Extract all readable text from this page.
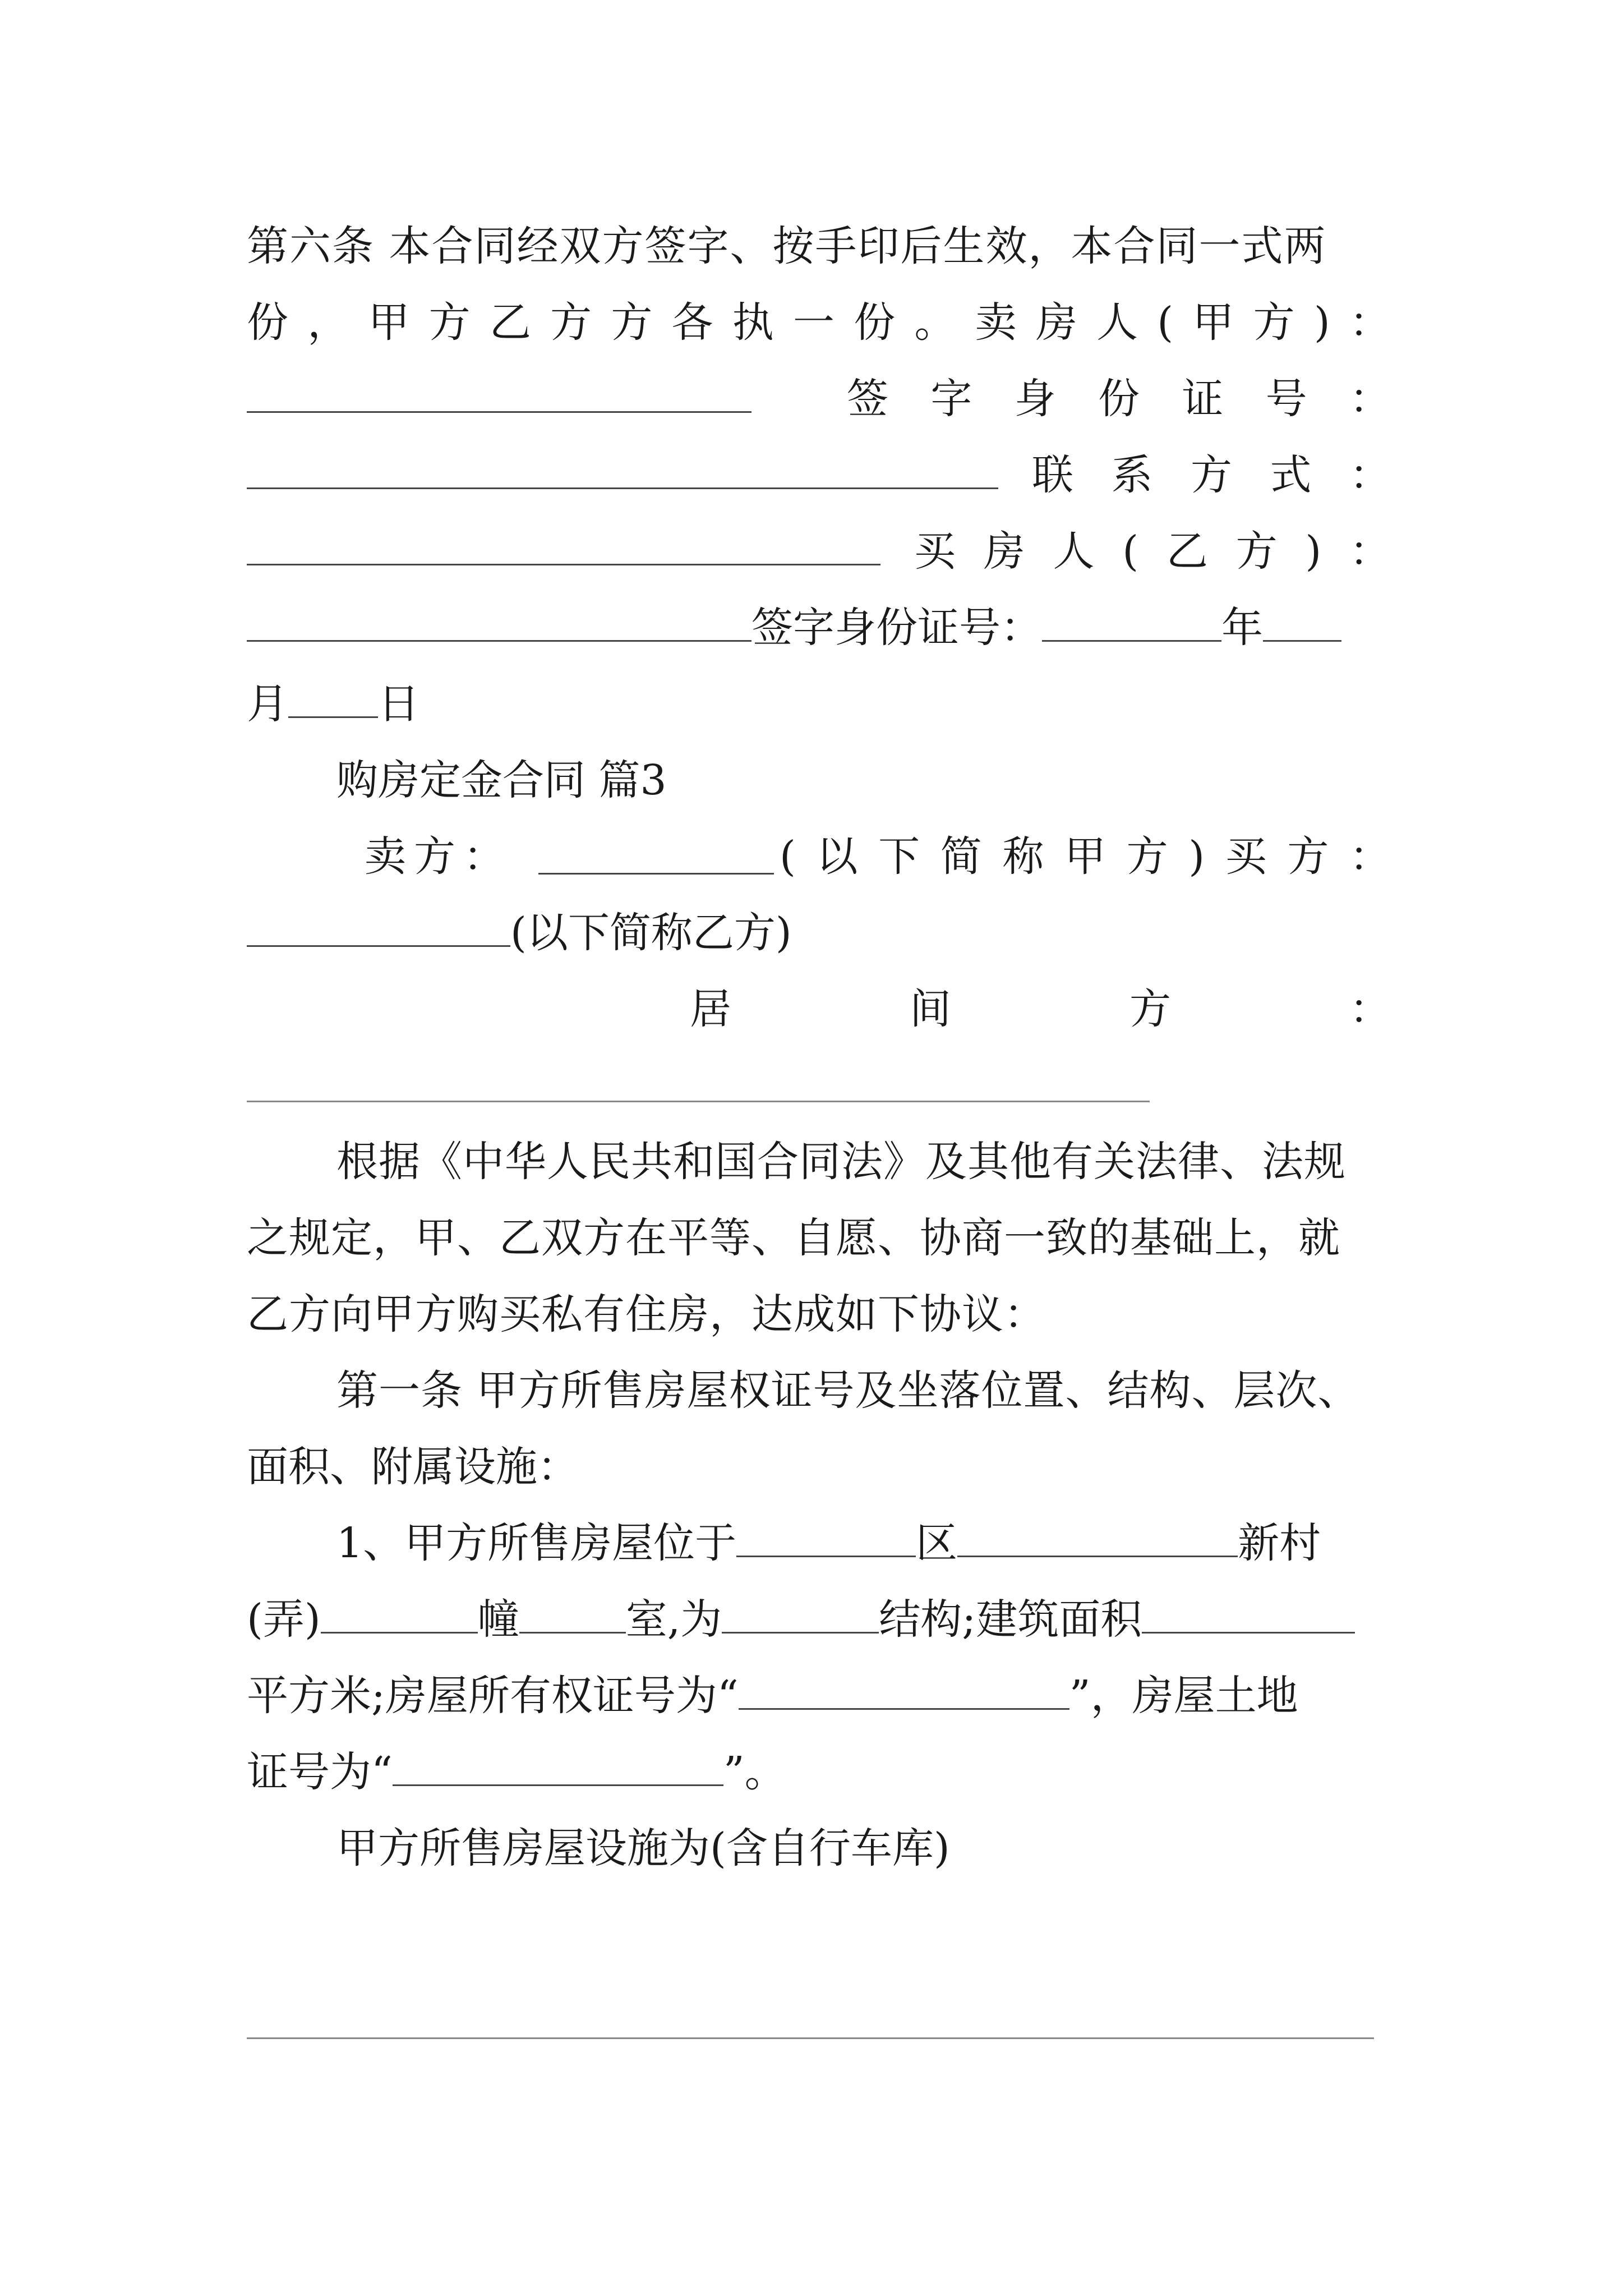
第六条 本合同经双方签字、按手印后生效，本合同一式两
份 ， 甲 方 乙 方 方 各 执 一 份 。 卖 房 人 ( 甲 方 ) ：
签 字 身 份 证 号 ：
联 系 方 式 ：
买 房 人 ( 乙 方 ) ：
签字身份证号：	年
月 日
购房定金合同 篇3
卖 方 ：	( 以 下 简 称 甲 方 ) 买 方 ：
(以下简称乙方)
居	间	方	：
根据《中华人民共和国合同法》及其他有关法律、法规
之规定，甲、乙双方在平等、自愿、协商一致的基础上，就
乙方向甲方购买私有住房，达成如下协议：
第一条 甲方所售房屋权证号及坐落位置、结构、层次、
面积、附属设施：
1、甲方所售房屋位于	区	新村
(弄)	幢	室,为	结构;建筑面积
平方米;房屋所有权证号为“	”，房屋土地
证号为“	”。
甲方所售房屋设施为(含自行车库)
